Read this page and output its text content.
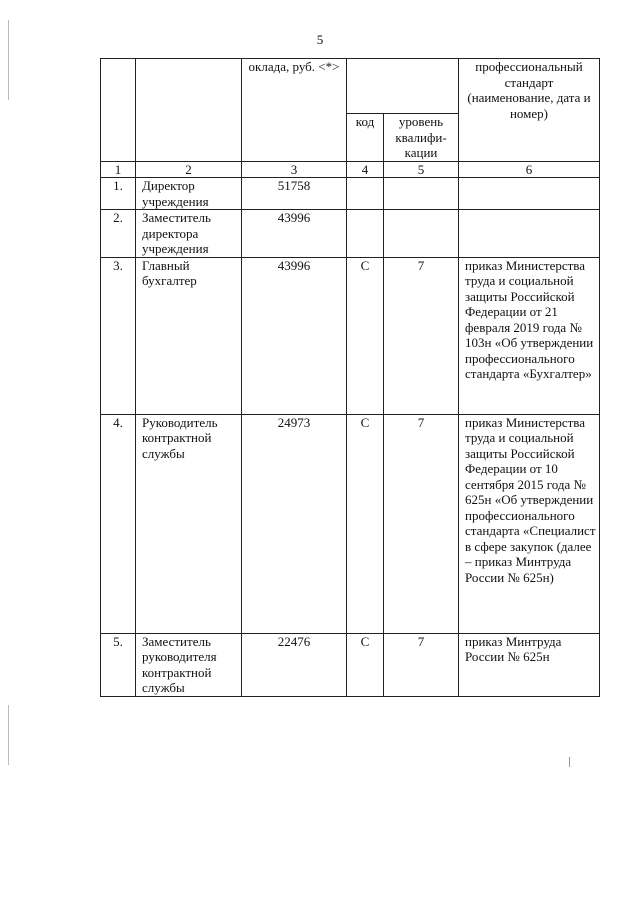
5
		оклада, руб. <*>			профессиональный стандарт (наименование, дата и номер)
			код	уровень квалифи-кации	
1	2	3	4	5	6
1.	Директор учреждения	51758			
2.	Заместитель директора учреждения	43996			
3.	Главный бухгалтер	43996	С	7	приказ Министерства труда и социальной защиты Российской Федерации от 21 февраля 2019 года № 103н «Об утверждении профессионального стандарта «Бухгалтер»
4.	Руководитель контрактной службы	24973	С	7	приказ Министерства труда и социальной защиты Российской Федерации от 10 сентября 2015 года № 625н «Об утверждении профессионального стандарта «Специалист в сфере закупок (далее – приказ Минтруда России № 625н)
5.	Заместитель руководителя контрактной службы	22476	С	7	приказ Минтруда России № 625н
